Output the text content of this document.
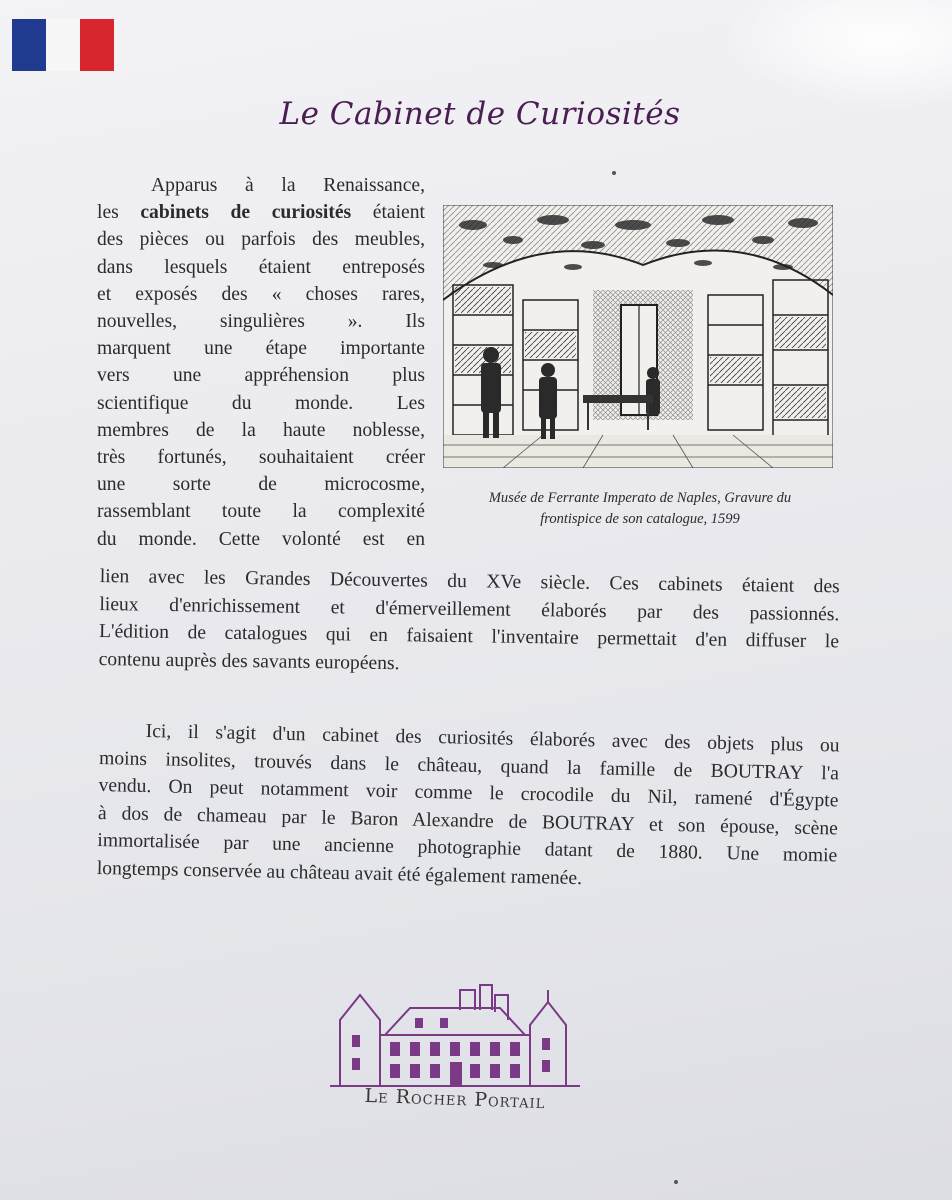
Le Cabinet de Curiosités
Apparus à la Renaissance,
les cabinets de curiosités étaient
des pièces ou parfois des meubles,
dans lesquels étaient entreposés
et exposés des « choses rares,
nouvelles, singulières ». Ils
marquent une étape importante
vers une appréhension plus
scientifique du monde. Les
membres de la haute noblesse,
très fortunés, souhaitaient créer
une sorte de microcosme,
rassemblant toute la complexité
du monde. Cette volonté est en
Musée de Ferrante Imperato de Naples, Gravure du
frontispice de son catalogue, 1599
lien avec les Grandes Découvertes du XVe siècle. Ces cabinets étaient des
lieux d'enrichissement et d'émerveillement élaborés par des passionnés.
L'édition de catalogues qui en faisaient l'inventaire permettait d'en diffuser le
contenu auprès des savants européens.
Ici, il s'agit d'un cabinet des curiosités élaborés avec des objets plus ou
moins insolites, trouvés dans le château, quand la famille de BOUTRAY l'a
vendu. On peut notamment voir comme le crocodile du Nil, ramené d'Égypte
à dos de chameau par le Baron Alexandre de BOUTRAY et son épouse, scène
immortalisée par une ancienne photographie datant de 1880. Une momie
longtemps conservée au château avait été également ramenée.
Le Rocher Portail
